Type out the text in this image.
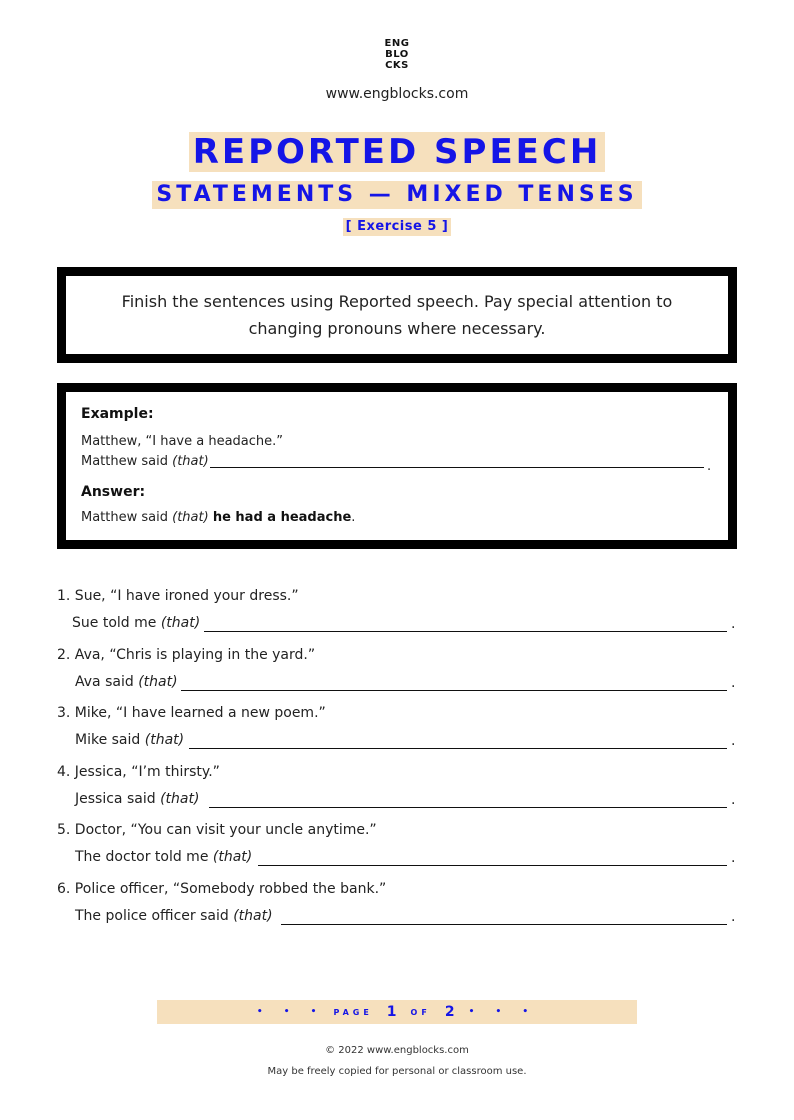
ENG
BLO
CKS
www.engblocks.com
REPORTED SPEECH
STATEMENTS — MIXED TENSES
[ Exercise 5 ]
Finish the sentences using Reported speech. Pay special attention to changing pronouns where necessary.
Example:
Matthew, “I have a headache.”
Matthew said (that)	.
Answer:
Matthew said (that) he had a headache.
1. Sue, “I have ironed your dress.”
Sue told me (that)	.
2. Ava, “Chris is playing in the yard.”
Ava said (that)	.
3. Mike, “I have learned a new poem.”
Mike said (that)	.
4. Jessica, “I’m thirsty.”
Jessica said (that)	.
5. Doctor, “You can visit your uncle anytime.”
The doctor told me (that)	.
6. Police officer, “Somebody robbed the bank.”
The police officer said (that)	.
• • • PAGE 1 OF 2 • • •
© 2022 www.engblocks.com
May be freely copied for personal or classroom use.
